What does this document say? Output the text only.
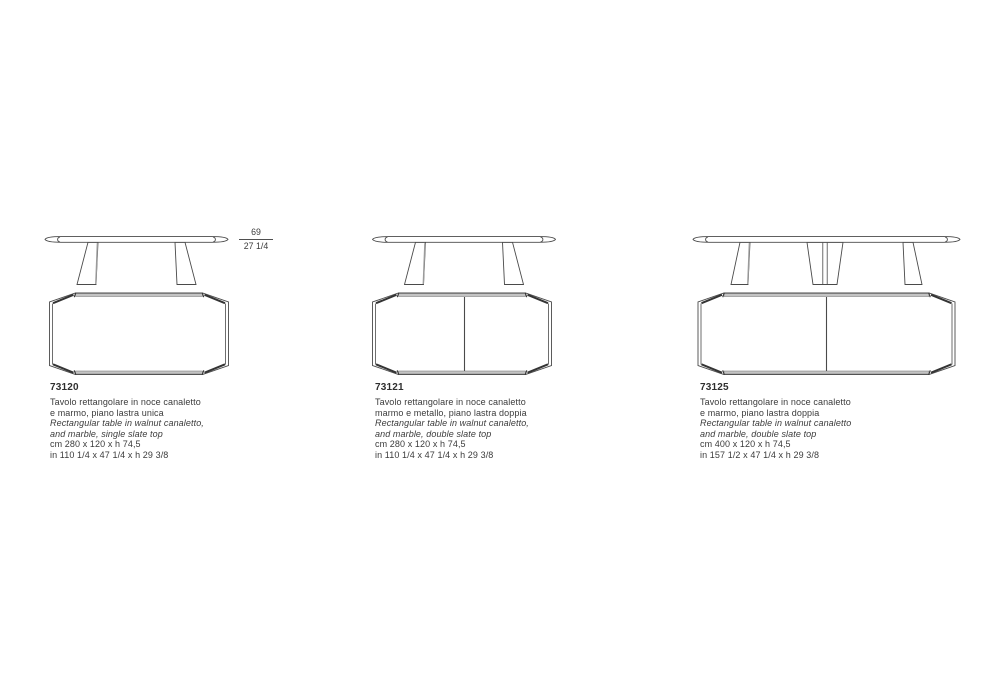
$\frac{69}{27 1/4}$
73120
Tavolo rettangolare in noce canaletto
e marmo, piano lastra unica
Rectangular table in walnut canaletto,
and marble, single slate top
cm 280 x 120 x h 74,5
in 110 1/4 x 47 1/4 x h 29 3/8
73121
Tavolo rettangolare in noce canaletto
marmo e metallo, piano lastra doppia
Rectangular table in walnut canaletto,
and marble, double slate top
cm 280 x 120 x h 74,5
in 110 1/4 x 47 1/4 x h 29 3/8
73125
Tavolo rettangolare in noce canaletto
e marmo, piano lastra doppia
Rectangular table in walnut canaletto
and marble, double slate top
cm 400 x 120 x h 74,5
in 157 1/2 x 47 1/4 x h 29 3/8
